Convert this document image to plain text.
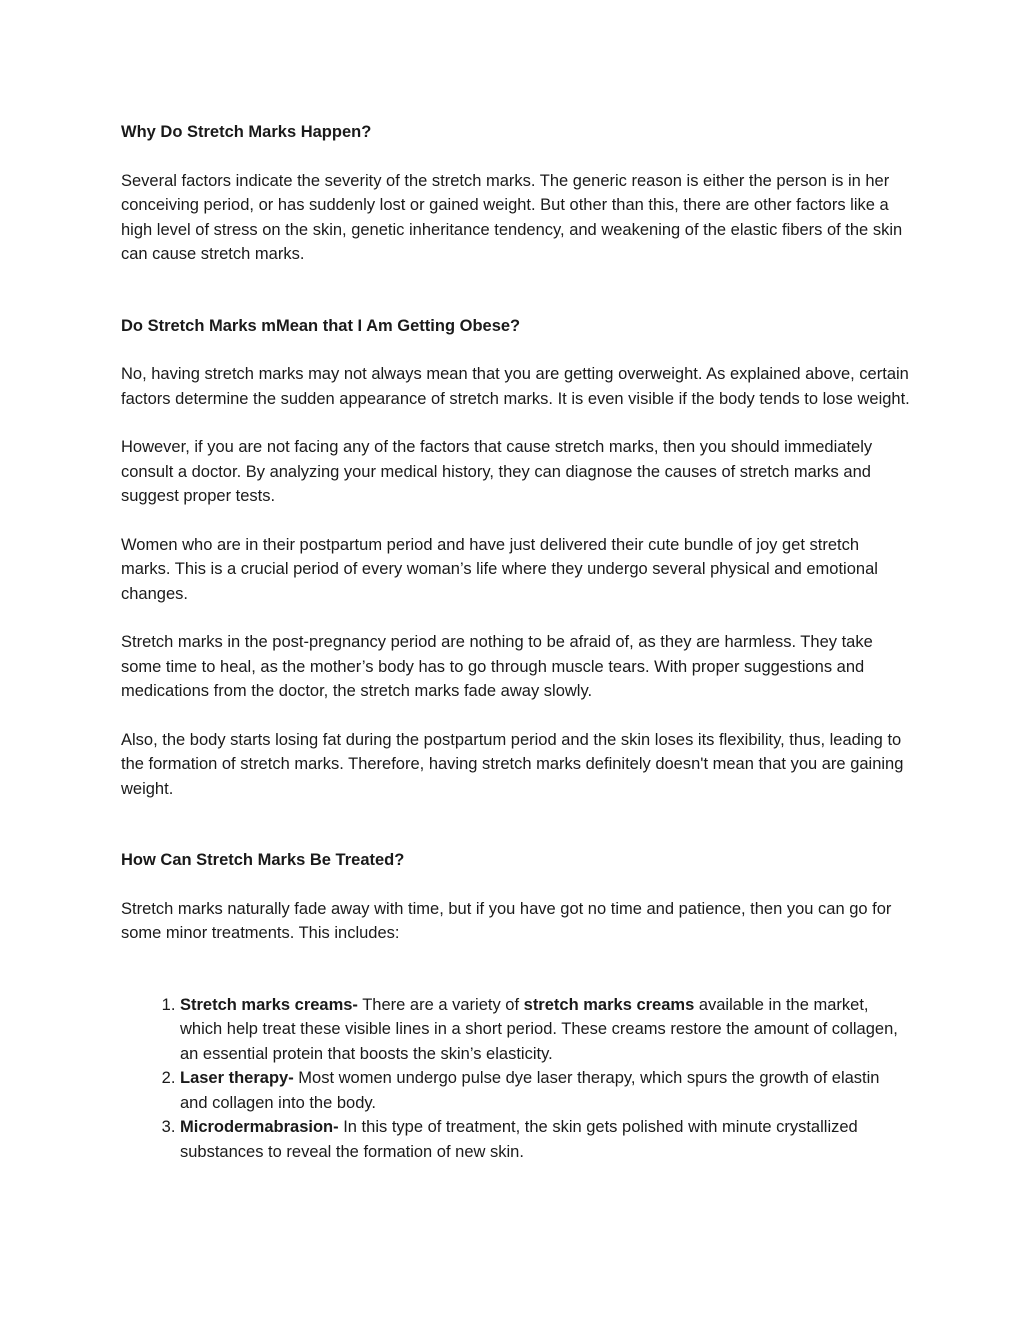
Why Do Stretch Marks Happen?

Several factors indicate the severity of the stretch marks. The generic reason is either the person is in her conceiving period, or has suddenly lost or gained weight. But other than this, there are other factors like a high level of stress on the skin, genetic inheritance tendency, and weakening of the elastic fibers of the skin can cause stretch marks.

Do Stretch Marks mMean that I Am Getting Obese?

No, having stretch marks may not always mean that you are getting overweight. As explained above, certain factors determine the sudden appearance of stretch marks. It is even visible if the body tends to lose weight.

However, if you are not facing any of the factors that cause stretch marks, then you should immediately consult a doctor. By analyzing your medical history, they can diagnose the causes of stretch marks and suggest proper tests.

Women who are in their postpartum period and have just delivered their cute bundle of joy get stretch marks. This is a crucial period of every woman’s life where they undergo several physical and emotional changes.

Stretch marks in the post-pregnancy period are nothing to be afraid of, as they are harmless. They take some time to heal, as the mother’s body has to go through muscle tears. With proper suggestions and medications from the doctor, the stretch marks fade away slowly.

Also, the body starts losing fat during the postpartum period and the skin loses its flexibility, thus, leading to the formation of stretch marks. Therefore, having stretch marks definitely doesn't mean that you are gaining weight.

How Can Stretch Marks Be Treated?

Stretch marks naturally fade away with time, but if you have got no time and patience, then you can go for some minor treatments. This includes:

1. Stretch marks creams- There are a variety of stretch marks creams available in the market, which help treat these visible lines in a short period. These creams restore the amount of collagen, an essential protein that boosts the skin’s elasticity.
2. Laser therapy- Most women undergo pulse dye laser therapy, which spurs the growth of elastin and collagen into the body.
3. Microdermabrasion- In this type of treatment, the skin gets polished with minute crystallized substances to reveal the formation of new skin.
